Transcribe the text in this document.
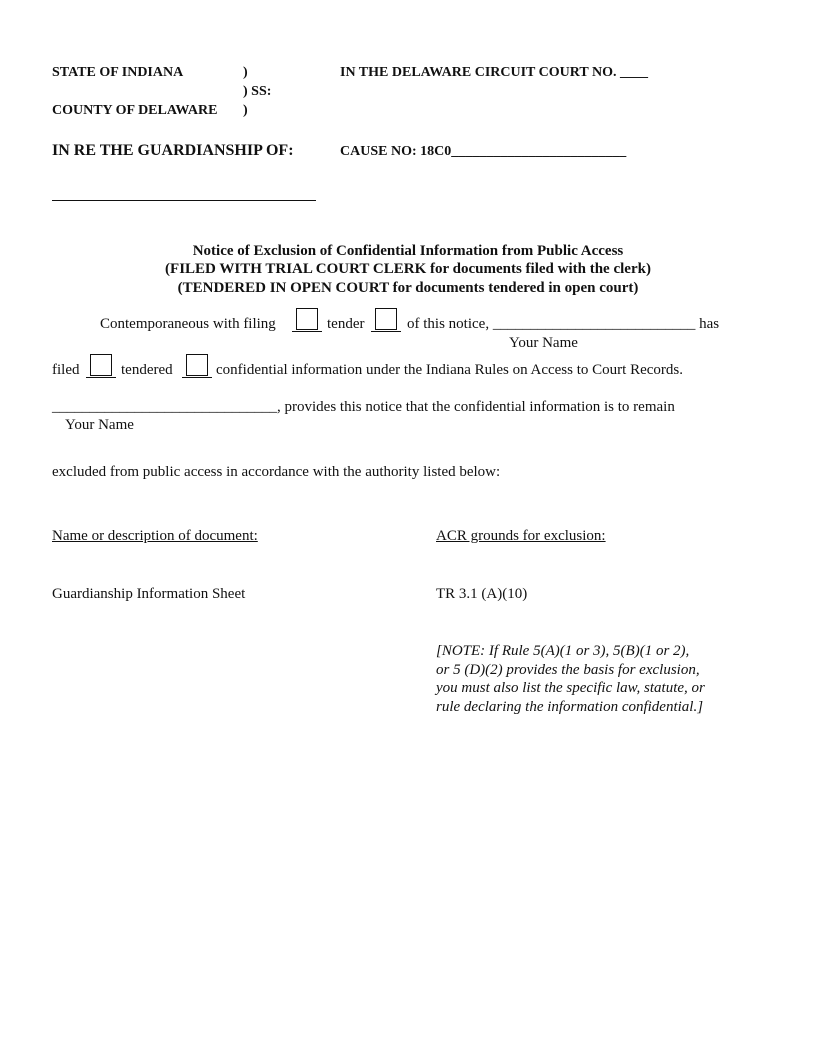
STATE OF INDIANA	)
) SS:
COUNTY OF DELAWARE )
IN THE DELAWARE CIRCUIT COURT NO. ____
IN RE THE GUARDIANSHIP OF:	CAUSE NO: 18C0_________________________
Notice of Exclusion of Confidential Information from Public Access
(FILED WITH TRIAL COURT CLERK for documents filed with the clerk)
(TENDERED IN OPEN COURT for documents tendered in open court)
Contemporaneous with filing	tender	of this notice, ___________________________ has
Your Name
filed	tendered	confidential information under the Indiana Rules on Access to Court Records.
______________________________, provides this notice that the confidential information is to remain
Your Name
excluded from public access in accordance with the authority listed below:
Name or description of document:	ACR grounds for exclusion:
Guardianship Information Sheet	TR 3.1 (A)(10)
[NOTE: If Rule 5(A)(1 or 3), 5(B)(1 or 2),
or 5 (D)(2) provides the basis for exclusion,
you must also list the specific law, statute, or
rule declaring the information confidential.]
